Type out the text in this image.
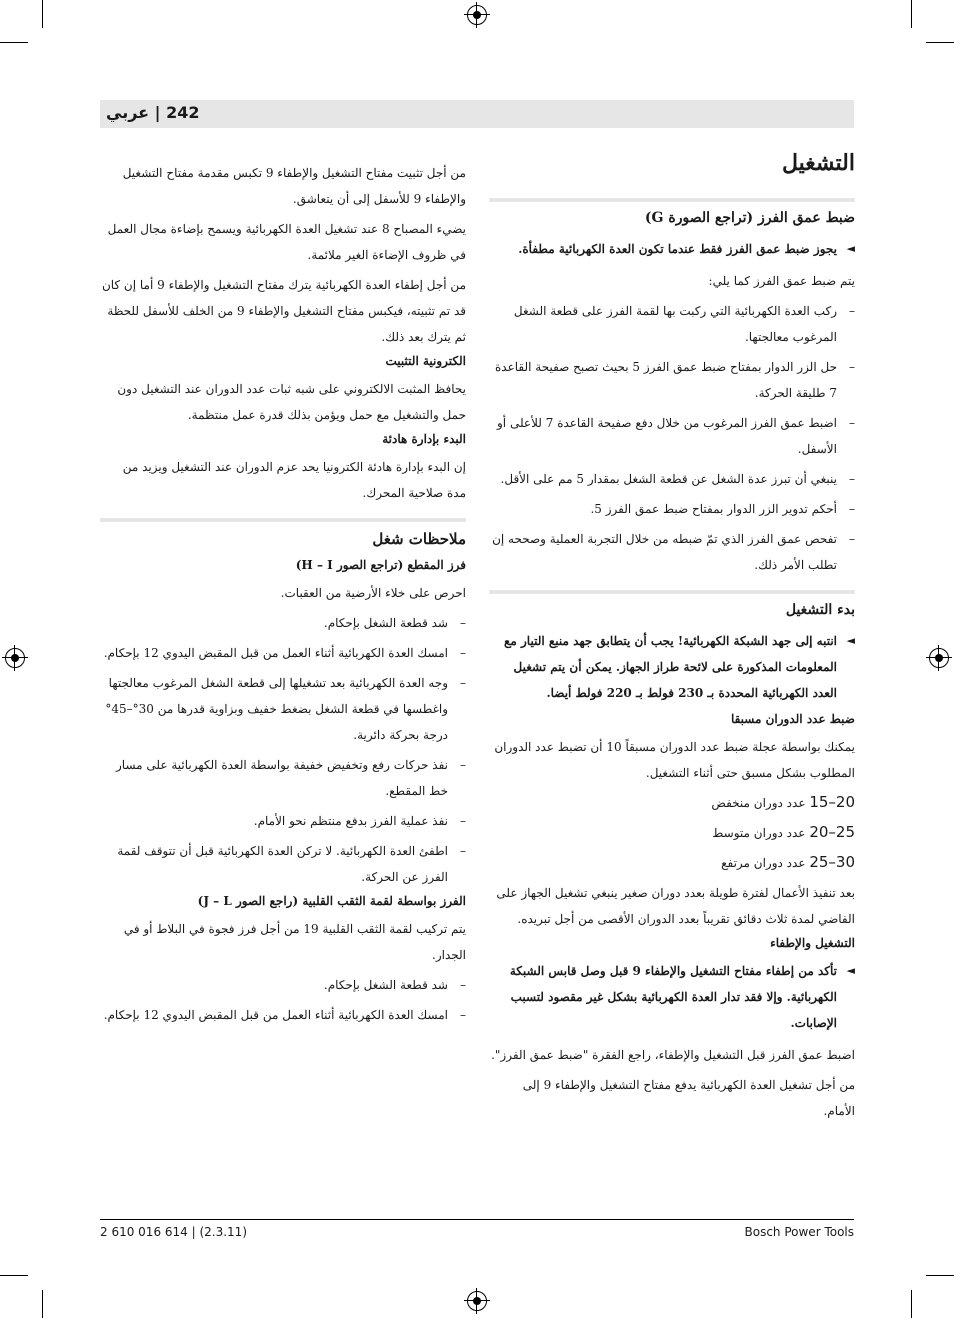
242 | عربي
التشغيل
ضبط عمق الفرز (تراجع الصورة G)
◄
يجوز ضبط عمق الفرز فقط عندما تكون العدة الكهربائية مطفأة.
يتم ضبط عمق الفرز كما يلي:
–
ركب العدة الكهربائية التي ركبت بها لقمة الفرز على قطعة الشغل المرغوب معالجتها.
–
حل الزر الدوار بمفتاح ضبط عمق الفرز 5 بحيث تصبح صفيحة القاعدة 7 طليقة الحركة.
–
اضبط عمق الفرز المرغوب من خلال دفع صفيحة القاعدة 7 للأعلى أو الأسفل.
–
ينبغي أن تبرز عدة الشغل عن قطعة الشغل بمقدار 5 مم على الأقل.
–
أحكم تدوير الزر الدوار بمفتاح ضبط عمق الفرز 5.
–
تفحص عمق الفرز الذي تمّ ضبطه من خلال التجربة العملية وصححه إن تطلب الأمر ذلك.
بدء التشغيل
◄
انتبه إلى جهد الشبكة الكهربائية! يجب أن يتطابق جهد منبع التيار مع المعلومات المذكورة على لائحة طراز الجهاز. يمكن أن يتم تشغيل العدد الكهربائية المحددة بـ 230 فولط بـ 220 فولط أيضا.
ضبط عدد الدوران مسبقا
يمكنك بواسطة عجلة ضبط عدد الدوران مسبقاً 10 أن تضبط عدد الدوران المطلوب بشكل مسبق حتى أثناء التشغيل.
15–20 عدد دوران منخفض
20–25 عدد دوران متوسط
25–30 عدد دوران مرتفع
بعد تنفيذ الأعمال لفترة طويلة بعدد دوران صغير ينبغي تشغيل الجهاز على الفاضي لمدة ثلاث دقائق تقريباً بعدد الدوران الأقصى من أجل تبريده.
التشغيل والإطفاء
◄
تأكد من إطفاء مفتاح التشغيل والإطفاء 9 قبل وصل قابس الشبكة الكهربائية. وإلا فقد تدار العدة الكهربائية بشكل غير مقصود لتسبب الإصابات.
اضبط عمق الفرز قبل التشغيل والإطفاء، راجع الفقرة "ضبط عمق الفرز".
من أجل تشغيل العدة الكهربائية يدفع مفتاح التشغيل والإطفاء 9 إلى الأمام.
من أجل تثبيت مفتاح التشغيل والإطفاء 9 تكبس مقدمة مفتاح التشغيل والإطفاء 9 للأسفل إلى أن يتعاشق.
يضيء المصباح 8 عند تشغيل العدة الكهربائية ويسمح بإضاءة مجال العمل في ظروف الإضاءة الغير ملائمة.
من أجل إطفاء العدة الكهربائية يترك مفتاح التشغيل والإطفاء 9 أما إن كان قد تم تثبيته، فيكبس مفتاح التشغيل والإطفاء 9 من الخلف للأسفل للحظة ثم يترك بعد ذلك.
الكترونية التثبيت
يحافظ المثبت الالكتروني على شبه ثبات عدد الدوران عند التشغيل دون حمل والتشغيل مع حمل ويؤمن بذلك قدرة عمل منتظمة.
البدء بإدارة هادئة
إن البدء بإدارة هادئة الكترونيا يحد عزم الدوران عند التشغيل ويزيد من مدة صلاحية المحرك.
ملاحظات شغل
فرز المقطع (تراجع الصور H – I)
احرص على خلاء الأرضية من العقبات.
–
شد قطعة الشغل بإحكام.
–
امسك العدة الكهربائية أثناء العمل من قبل المقبض اليدوي 12 بإحكام.
–
وجه العدة الكهربائية بعد تشغيلها إلى قطعة الشغل المرغوب معالجتها واغطسها في قطعة الشغل بضغط خفيف وبزاوية قدرها من 30°–45° درجة بحركة دائرية.
–
نفذ حركات رفع وتخفيض خفيفة بواسطة العدة الكهربائية على مسار خط المقطع.
–
نفذ عملية الفرز بدفع منتظم نحو الأمام.
–
اطفئ العدة الكهربائية. لا تركن العدة الكهربائية قبل أن تتوقف لقمة الفرز عن الحركة.
الفرز بواسطة لقمة الثقب القلبية (راجع الصور J – L)
يتم تركيب لقمة الثقب القلبية 19 من أجل فرز فجوة في البلاط أو في الجدار.
–
شد قطعة الشغل بإحكام.
–
امسك العدة الكهربائية أثناء العمل من قبل المقبض اليدوي 12 بإحكام.
2 610 016 614 | (2.3.11)	Bosch Power Tools
